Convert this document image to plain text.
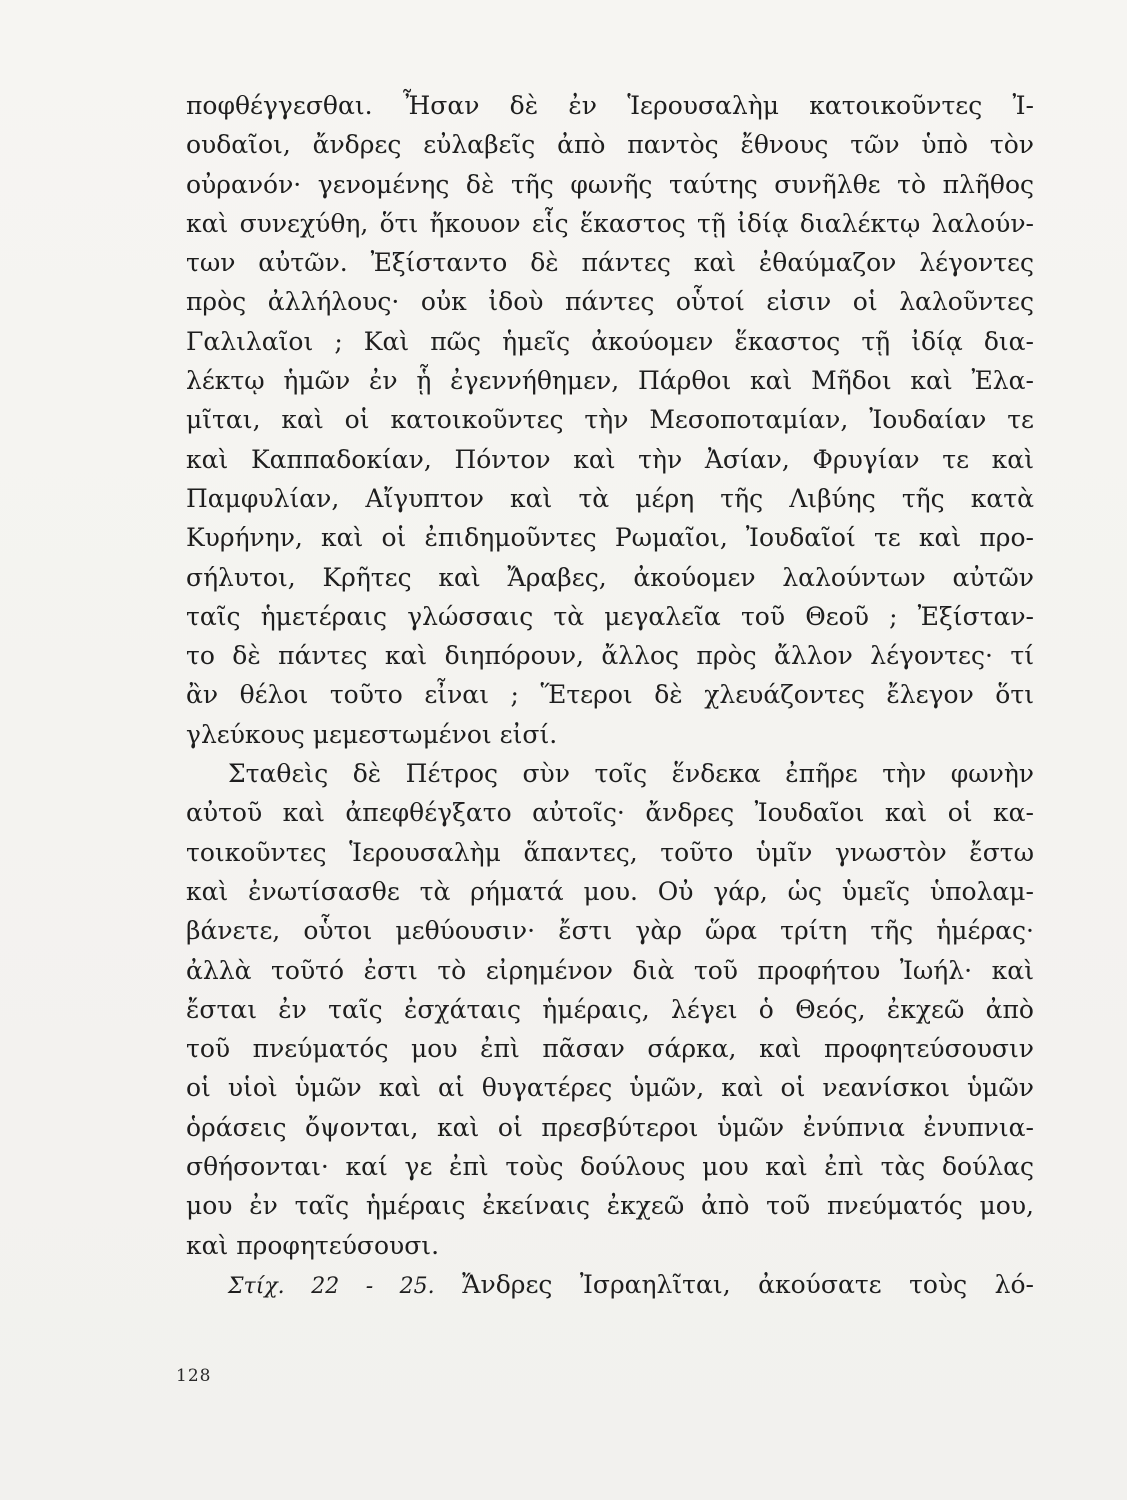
ποφθέγγεσθαι. Ἦσαν δὲ ἐν Ἱερουσαλὴμ κατοικοῦντες Ἰ-
ουδαῖοι, ἄνδρες εὐλαβεῖς ἀπὸ παντὸς ἔθνους τῶν ὑπὸ τὸν
οὐρανόν· γενομένης δὲ τῆς φωνῆς ταύτης συνῆλθε τὸ πλῆθος
καὶ συνεχύθη, ὅτι ἤκουον εἷς ἕκαστος τῇ ἰδίᾳ διαλέκτῳ λαλούν-
των αὐτῶν. Ἐξίσταντο δὲ πάντες καὶ ἐθαύμαζον λέγοντες
πρὸς ἀλλήλους· οὐκ ἰδοὺ πάντες οὗτοί εἰσιν οἱ λαλοῦντες
Γαλιλαῖοι ; Καὶ πῶς ἡμεῖς ἀκούομεν ἕκαστος τῇ ἰδίᾳ δια-
λέκτῳ ἡμῶν ἐν ᾗ ἐγεννήθημεν, Πάρθοι καὶ Μῆδοι καὶ Ἐλα-
μῖται, καὶ οἱ κατοικοῦντες τὴν Μεσοποταμίαν, Ἰουδαίαν τε
καὶ Καππαδοκίαν, Πόντον καὶ τὴν Ἀσίαν, Φρυγίαν τε καὶ
Παμφυλίαν, Αἴγυπτον καὶ τὰ μέρη τῆς Λιβύης τῆς κατὰ
Κυρήνην, καὶ οἱ ἐπιδημοῦντες Ρωμαῖοι, Ἰουδαῖοί τε καὶ προ-
σήλυτοι, Κρῆτες καὶ Ἄραβες, ἀκούομεν λαλούντων αὐτῶν
ταῖς ἡμετέραις γλώσσαις τὰ μεγαλεῖα τοῦ Θεοῦ ; Ἐξίσταν-
το δὲ πάντες καὶ διηπόρουν, ἄλλος πρὸς ἄλλον λέγοντες· τί
ἂν θέλοι τοῦτο εἶναι ; Ἕτεροι δὲ χλευάζοντες ἔλεγον ὅτι
γλεύκους μεμεστωμένοι εἰσί.
Σταθεὶς δὲ Πέτρος σὺν τοῖς ἕνδεκα ἐπῆρε τὴν φωνὴν
αὐτοῦ καὶ ἀπεφθέγξατο αὐτοῖς· ἄνδρες Ἰουδαῖοι καὶ οἱ κα-
τοικοῦντες Ἱερουσαλὴμ ἅπαντες, τοῦτο ὑμῖν γνωστὸν ἔστω
καὶ ἐνωτίσασθε τὰ ρήματά μου. Οὐ γάρ, ὡς ὑμεῖς ὑπολαμ-
βάνετε, οὗτοι μεθύουσιν· ἔστι γὰρ ὥρα τρίτη τῆς ἡμέρας·
ἀλλὰ τοῦτό ἐστι τὸ εἰρημένον διὰ τοῦ προφήτου Ἰωήλ· καὶ
ἔσται ἐν ταῖς ἐσχάταις ἡμέραις, λέγει ὁ Θεός, ἐκχεῶ ἀπὸ
τοῦ πνεύματός μου ἐπὶ πᾶσαν σάρκα, καὶ προφητεύσουσιν
οἱ υἱοὶ ὑμῶν καὶ αἱ θυγατέρες ὑμῶν, καὶ οἱ νεανίσκοι ὑμῶν
ὁράσεις ὄψονται, καὶ οἱ πρεσβύτεροι ὑμῶν ἐνύπνια ἐνυπνια-
σθήσονται· καί γε ἐπὶ τοὺς δούλους μου καὶ ἐπὶ τὰς δούλας
μου ἐν ταῖς ἡμέραις ἐκείναις ἐκχεῶ ἀπὸ τοῦ πνεύματός μου,
καὶ προφητεύσουσι.
Στίχ. 22 - 25. Ἄνδρες Ἰσραηλῖται, ἀκούσατε τοὺς λό-
128
